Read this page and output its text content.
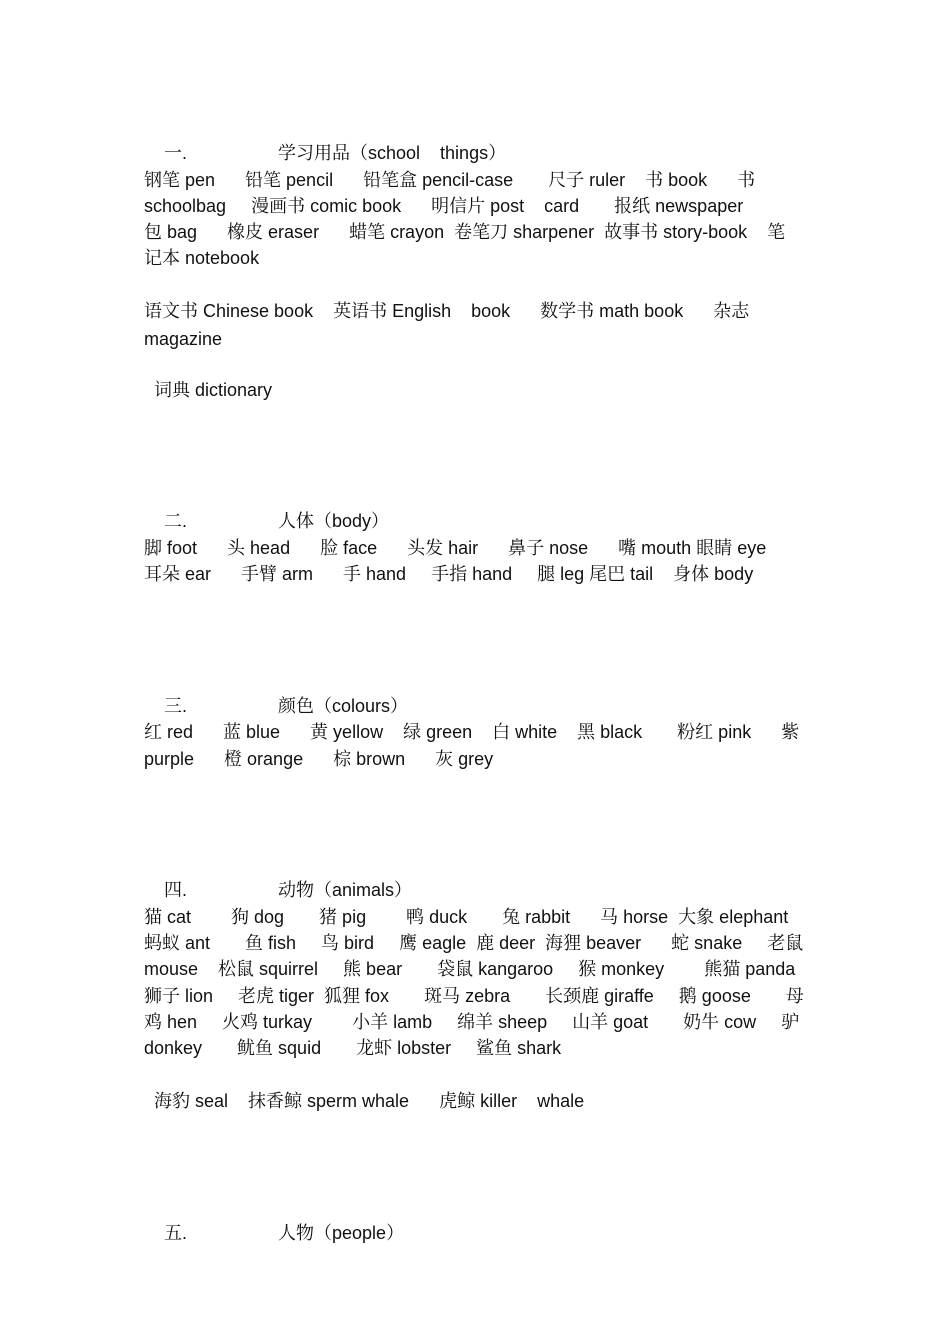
一.	学习用品（school    things）

钢笔 pen      铅笔 pencil      铅笔盒 pencil-case       尺子 ruler    书 book      书
schoolbag     漫画书 comic book      明信片 post    card       报纸 newspaper
包 bag      橡皮 eraser      蜡笔 crayon  卷笔刀 sharpener  故事书 story-book    笔
记本 notebook
语文书 Chinese book    英语书 English    book      数学书 math book      杂志
magazine
词典 dictionary

二.	人体（body）

脚 foot      头 head      脸 face      头发 hair      鼻子 nose      嘴 mouth 眼睛 eye
耳朵 ear      手臂 arm      手 hand     手指 hand     腿 leg 尾巴 tail    身体 body

三.	颜色（colours）

红 red      蓝 blue      黄 yellow    绿 green    白 white    黑 black       粉红 pink      紫
purple      橙 orange      棕 brown      灰 grey

四.	动物（animals）

猫 cat        狗 dog       猪 pig        鸭 duck       兔 rabbit      马 horse  大象 elephant
蚂蚁 ant       鱼 fish     鸟 bird     鹰 eagle  鹿 deer  海狸 beaver      蛇 snake     老鼠
mouse    松鼠 squirrel     熊 bear       袋鼠 kangaroo     猴 monkey        熊猫 panda
狮子 lion     老虎 tiger  狐狸 fox       斑马 zebra       长颈鹿 giraffe     鹅 goose       母
鸡 hen     火鸡 turkay        小羊 lamb     绵羊 sheep     山羊 goat       奶牛 cow     驴
donkey       鱿鱼 squid       龙虾 lobster     鲨鱼 shark
海豹 seal    抹香鲸 sperm whale      虎鲸 killer    whale

五.	人物（people）
